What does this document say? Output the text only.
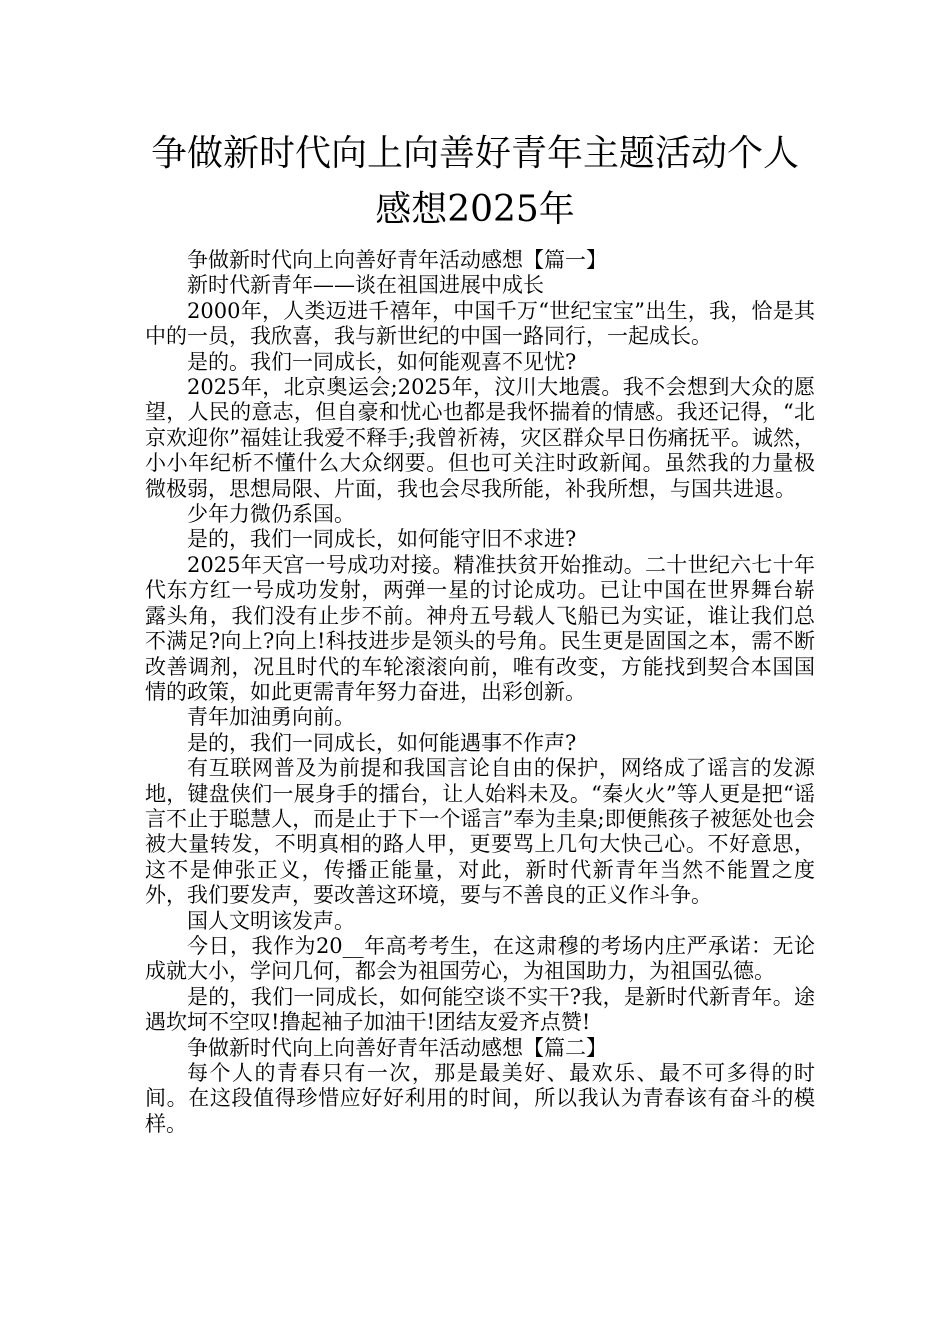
争做新时代向上向善好青年主题活动个人
感想2025年

争做新时代向上向善好青年活动感想【篇一】

新时代新青年——谈在祖国进展中成长

2000年，人类迈进千禧年，中国千万“世纪宝宝”出生，我，恰是其中的一员，我欣喜，我与新世纪的中国一路同行，一起成长。

是的。我们一同成长，如何能观喜不见忧?

2025年，北京奥运会;2025年，汶川大地震。我不会想到大众的愿望，人民的意志，但自豪和忧心也都是我怀揣着的情感。我还记得，“北京欢迎你”福娃让我爱不释手;我曾祈祷，灾区群众早日伤痛抚平。诚然，小小年纪析不懂什么大众纲要。但也可关注时政新闻。虽然我的力量极微极弱，思想局限、片面，我也会尽我所能，补我所想，与国共进退。

少年力微仍系国。

是的，我们一同成长，如何能守旧不求进?

2025年天宫一号成功对接。精准扶贫开始推动。二十世纪六七十年代东方红一号成功发射，两弹一星的讨论成功。已让中国在世界舞台崭露头角，我们没有止步不前。神舟五号载人飞船已为实证，谁让我们总不满足?向上?向上!科技进步是领头的号角。民生更是固国之本，需不断改善调剂，况且时代的车轮滚滚向前，唯有改变，方能找到契合本国国情的政策，如此更需青年努力奋进，出彩创新。

青年加油勇向前。

是的，我们一同成长，如何能遇事不作声?

有互联网普及为前提和我国言论自由的保护，网络成了谣言的发源地，键盘侠们一展身手的擂台，让人始料未及。“秦火火”等人更是把“谣言不止于聪慧人，而是止于下一个谣言”奉为圭臬;即便熊孩子被惩处也会被大量转发，不明真相的路人甲，更要骂上几句大快己心。不好意思，这不是伸张正义，传播正能量，对此，新时代新青年当然不能置之度外，我们要发声，要改善这环境，要与不善良的正义作斗争。

国人文明该发声。

今日，我作为20__年高考考生，在这肃穆的考场内庄严承诺：无论成就大小，学问几何，都会为祖国劳心，为祖国助力，为祖国弘德。

是的，我们一同成长，如何能空谈不实干?我，是新时代新青年。途遇坎坷不空叹!撸起袖子加油干!团结友爱齐点赞!

争做新时代向上向善好青年活动感想【篇二】

每个人的青春只有一次，那是最美好、最欢乐、最不可多得的时间。在这段值得珍惜应好好利用的时间，所以我认为青春该有奋斗的模样。
